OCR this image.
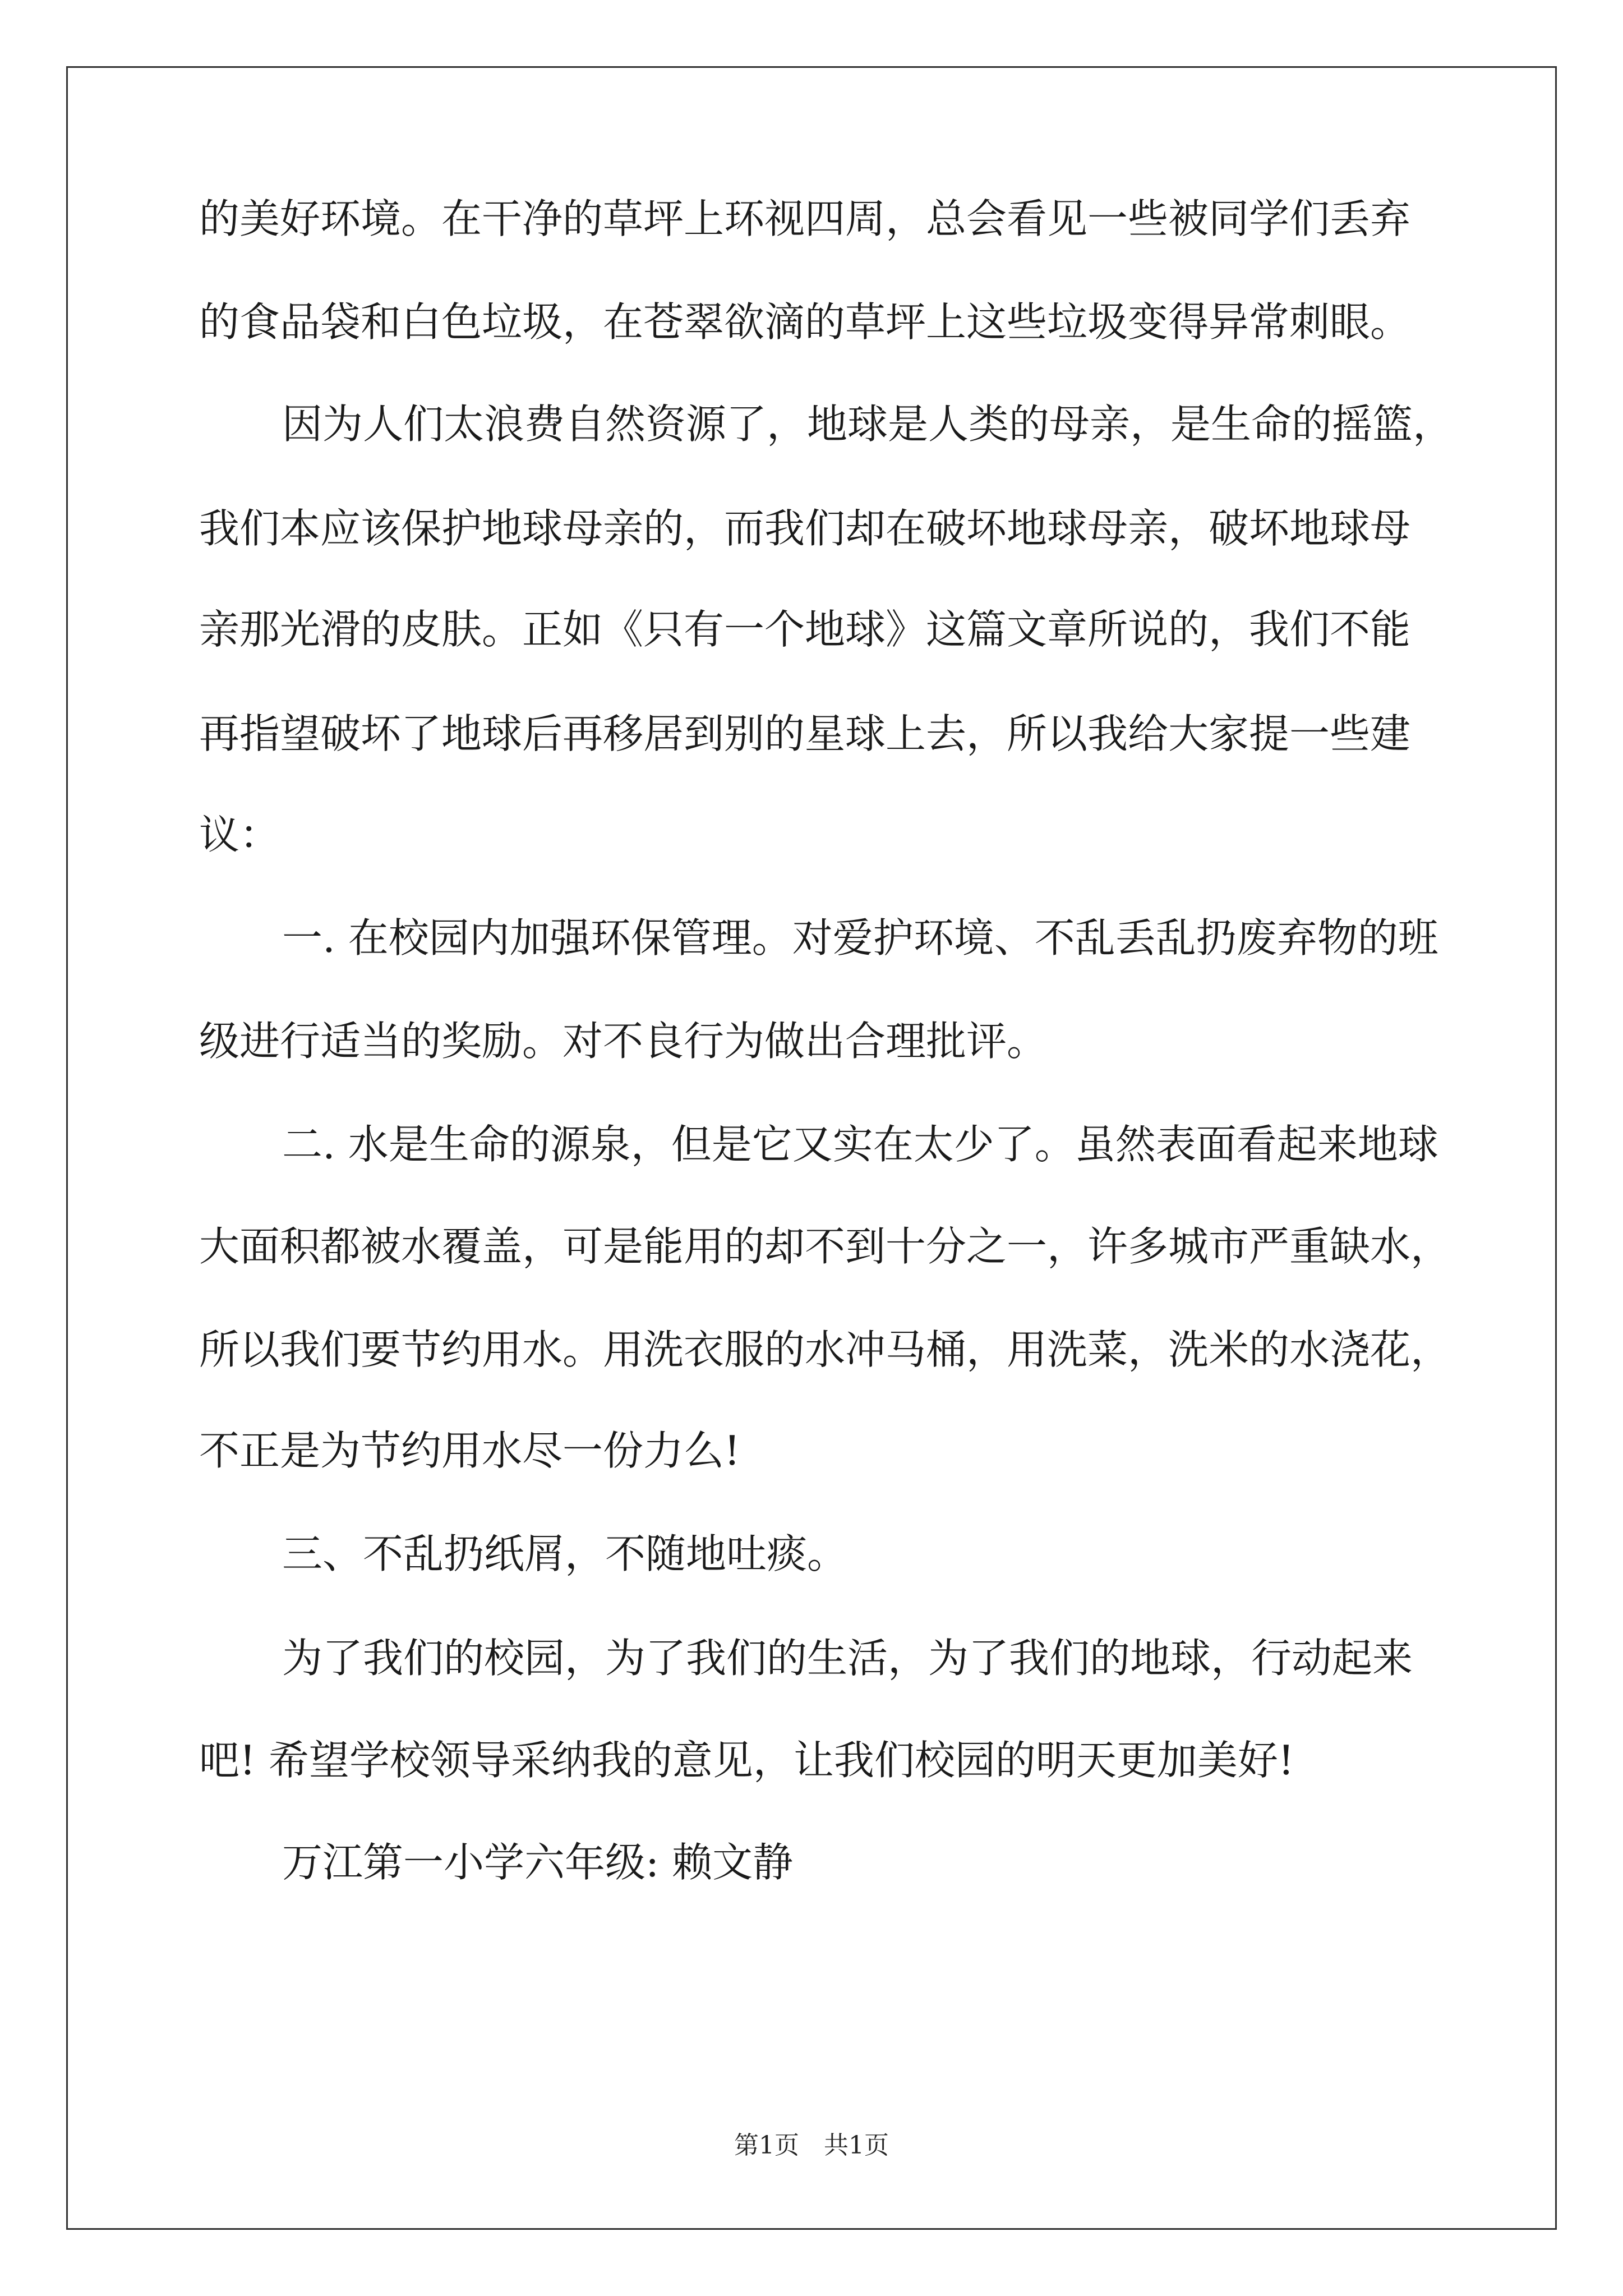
的美好环境。在干净的草坪上环视四周，总会看见一些被同学们丢弃
的食品袋和白色垃圾，在苍翠欲滴的草坪上这些垃圾变得异常刺眼。
因为人们太浪费自然资源了，地球是人类的母亲，是生命的摇篮，
我们本应该保护地球母亲的，而我们却在破坏地球母亲，破坏地球母
亲那光滑的皮肤。正如《只有一个地球》这篇文章所说的，我们不能
再指望破坏了地球后再移居到别的星球上去，所以我给大家提一些建
议：
一. 在校园内加强环保管理。对爱护环境、不乱丢乱扔废弃物的班
级进行适当的奖励。对不良行为做出合理批评。
二. 水是生命的源泉，但是它又实在太少了。虽然表面看起来地球
大面积都被水覆盖，可是能用的却不到十分之一，许多城市严重缺水，
所以我们要节约用水。用洗衣服的水冲马桶，用洗菜，洗米的水浇花，
不正是为节约用水尽一份力么!
三、不乱扔纸屑，不随地吐痰。
为了我们的校园，为了我们的生活，为了我们的地球，行动起来
吧! 希望学校领导采纳我的意见，让我们校园的明天更加美好!
万江第一小学六年级: 赖文静
第1页　共1页
